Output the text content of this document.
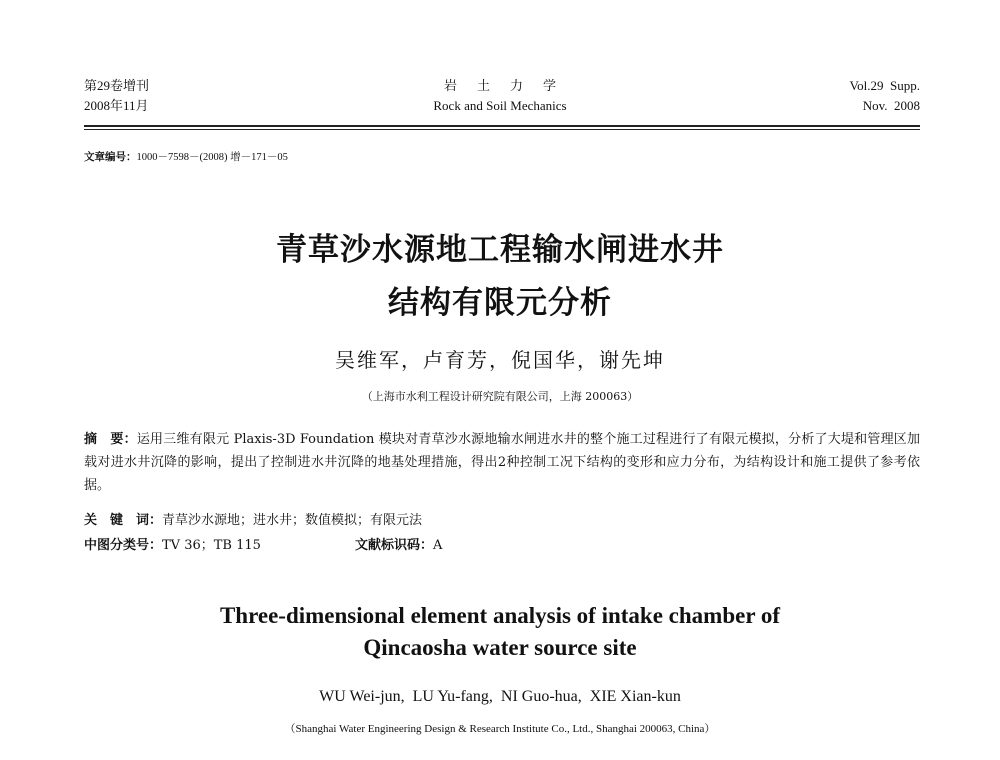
第29卷增刊
2008年11月
岩土力学
Rock and Soil Mechanics
Vol.29  Supp.
Nov.  2008
文章编号：1000－7598－(2008) 增－171－05
青草沙水源地工程输水闸进水井
结构有限元分析
吴维军，卢育芳，倪国华，谢先坤
（上海市水利工程设计研究院有限公司，上海 200063）
摘　要：运用三维有限元 Plaxis-3D Foundation 模块对青草沙水源地输水闸进水井的整个施工过程进行了有限元模拟，分析了大堤和管理区加载对进水井沉降的影响，提出了控制进水井沉降的地基处理措施，得出2种控制工况下结构的变形和应力分布，为结构设计和施工提供了参考依据。
关　键　词：青草沙水源地；进水井；数值模拟；有限元法
中图分类号：TV 36；TB 115	文献标识码：A
Three-dimensional element analysis of intake chamber of
Qincaosha water source site
WU Wei-jun,  LU Yu-fang,  NI Guo-hua,  XIE Xian-kun
（Shanghai Water Engineering Design & Research Institute Co., Ltd., Shanghai 200063, China）
